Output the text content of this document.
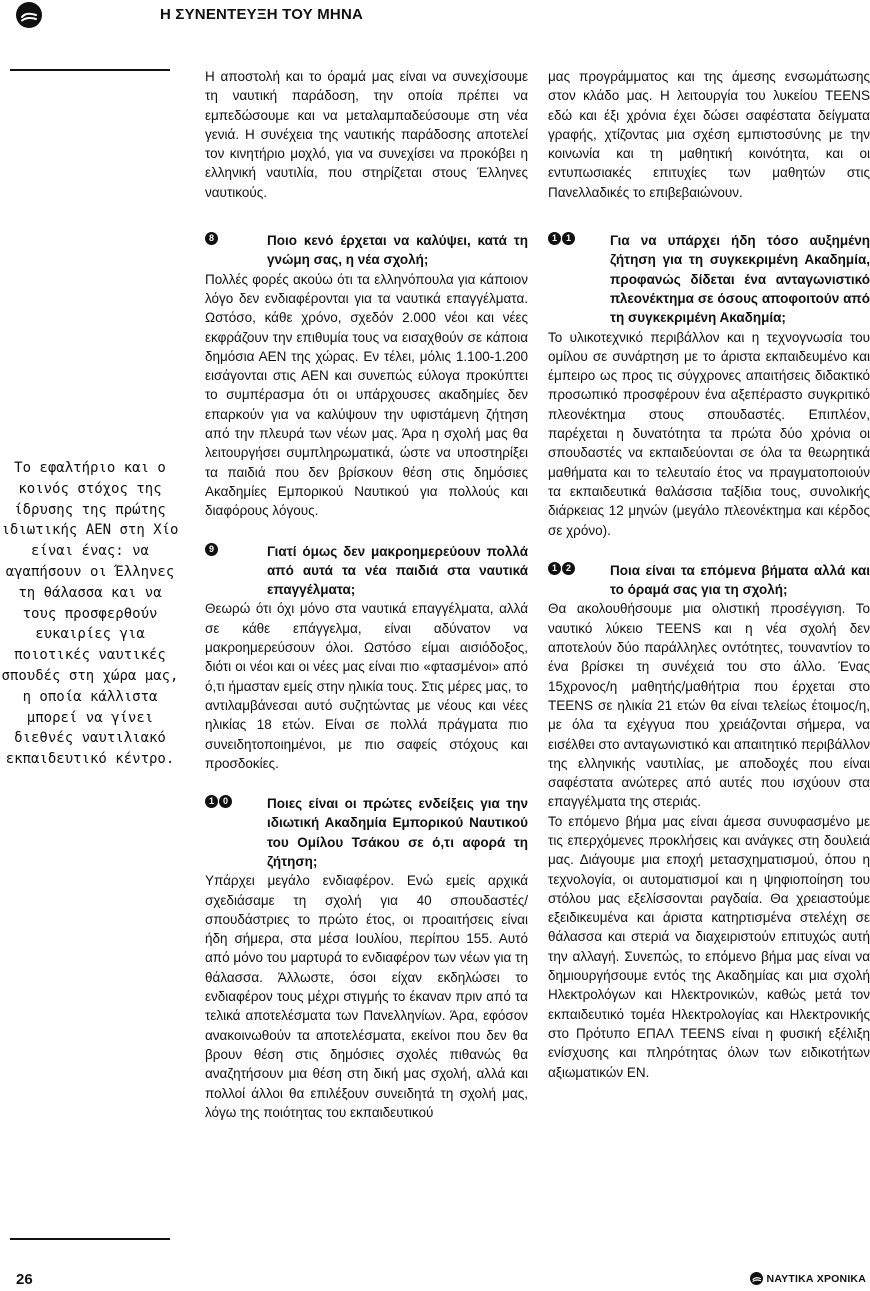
Η ΣΥΝΕΝΤΕΥΞΗ ΤΟΥ ΜΗΝΑ
Το εφαλτήριο και ο κοινός στόχος της ίδρυσης της πρώτης ιδιωτικής ΑΕΝ στη Χίο είναι ένας: να αγαπήσουν οι Έλληνες τη θάλασσα και να τους προσφερθούν ευκαιρίες για ποιοτικές ναυτικές σπουδές στη χώρα μας, η οποία κάλλιστα μπορεί να γίνει διεθνές ναυτιλιακό εκπαιδευτικό κέντρο.

Η αποστολή και το όραμά μας είναι να συνεχίσουμε τη ναυτική παράδοση, την οποία πρέπει να εμπεδώσουμε και να μεταλαμπαδεύσουμε στη νέα γενιά. Η συνέχεια της ναυτικής παράδοσης αποτελεί τον κινητήριο μοχλό, για να συνεχίσει να προκόβει η ελληνική ναυτιλία, που στηρίζεται στους Έλληνες ναυτικούς.

8	Ποιο κενό έρχεται να καλύψει, κατά τη γνώμη σας, η νέα σχολή;

Πολλές φορές ακούω ότι τα ελληνόπουλα για κάποιον λόγο δεν ενδιαφέρονται για τα ναυτικά επαγγέλματα. Ωστόσο, κάθε χρόνο, σχεδόν 2.000 νέοι και νέες εκφράζουν την επιθυμία τους να εισαχθούν σε κάποια δημόσια ΑΕΝ της χώρας. Εν τέλει, μόλις 1.100-1.200 εισάγονται στις ΑΕΝ και συνεπώς εύλογα προκύπτει το συμπέρασμα ότι οι υπάρχουσες ακαδημίες δεν επαρκούν για να καλύψουν την υφιστάμενη ζήτηση από την πλευρά των νέων μας. Άρα η σχολή μας θα λειτουργήσει συμπληρωματικά, ώστε να υποστηρίξει τα παιδιά που δεν βρίσκουν θέση στις δημόσιες Ακαδημίες Εμπορικού Ναυτικού για πολλούς και διαφόρους λόγους.

9	Γιατί όμως δεν μακροημερεύουν πολλά από αυτά τα νέα παιδιά στα ναυτικά επαγγέλματα;

Θεωρώ ότι όχι μόνο στα ναυτικά επαγγέλματα, αλλά σε κάθε επάγγελμα, είναι αδύνατον να μακροημερεύσουν όλοι. Ωστόσο είμαι αισιόδοξος, διότι οι νέοι και οι νέες μας είναι πιο «φτασμένοι» από ό,τι ήμασταν εμείς στην ηλικία τους. Στις μέρες μας, το αντιλαμβάνεσαι αυτό συζητώντας με νέους και νέες ηλικίας 18 ετών. Είναι σε πολλά πράγματα πιο συνειδητοποιημένοι, με πιο σαφείς στόχους και προσδοκίες.

1 0	Ποιες είναι οι πρώτες ενδείξεις για την ιδιωτική Ακαδημία Εμπορικού Ναυτικού του Ομίλου Τσάκου σε ό,τι αφορά τη ζήτηση;

Υπάρχει μεγάλο ενδιαφέρον. Ενώ εμείς αρχικά σχεδιάσαμε τη σχολή για 40 σπουδαστές/σπουδάστριες το πρώτο έτος, οι προαιτήσεις είναι ήδη σήμερα, στα μέσα Ιουλίου, περίπου 155. Αυτό από μόνο του μαρτυρά το ενδιαφέρον των νέων για τη θάλασσα. Άλλωστε, όσοι είχαν εκδηλώσει το ενδιαφέρον τους μέχρι στιγμής το έκαναν πριν από τα τελικά αποτελέσματα των Πανελληνίων. Άρα, εφόσον ανακοινωθούν τα αποτελέσματα, εκείνοι που δεν θα βρουν θέση στις δημόσιες σχολές πιθανώς θα αναζητήσουν μια θέση στη δική μας σχολή, αλλά και πολλοί άλλοι θα επιλέξουν συνειδητά τη σχολή μας, λόγω της ποιότητας του εκπαιδευτικού

μας προγράμματος και της άμεσης ενσωμάτωσης στον κλάδο μας. Η λειτουργία του λυκείου TEENS εδώ και έξι χρόνια έχει δώσει σαφέστατα δείγματα γραφής, χτίζοντας μια σχέση εμπιστοσύνης με την κοινωνία και τη μαθητική κοινότητα, και οι εντυπωσιακές επιτυχίες των μαθητών στις Πανελλαδικές το επιβεβαιώνουν.

1 1	Για να υπάρχει ήδη τόσο αυξημένη ζήτηση για τη συγκεκριμένη Ακαδημία, προφανώς δίδεται ένα ανταγωνιστικό πλεονέκτημα σε όσους αποφοιτούν από τη συγκεκριμένη Ακαδημία;

Το υλικοτεχνικό περιβάλλον και η τεχνογνωσία του ομίλου σε συνάρτηση με το άριστα εκπαιδευμένο και έμπειρο ως προς τις σύγχρονες απαιτήσεις διδακτικό προσωπικό προσφέρουν ένα αξεπέραστο συγκριτικό πλεονέκτημα στους σπουδαστές. Επιπλέον, παρέχεται η δυνατότητα τα πρώτα δύο χρόνια οι σπουδαστές να εκπαιδεύονται σε όλα τα θεωρητικά μαθήματα και το τελευταίο έτος να πραγματοποιούν τα εκπαιδευτικά θαλάσσια ταξίδια τους, συνολικής διάρκειας 12 μηνών (μεγάλο πλεονέκτημα και κέρδος σε χρόνο).

1 2	Ποια είναι τα επόμενα βήματα αλλά και το όραμά σας για τη σχολή;

Θα ακολουθήσουμε μια ολιστική προσέγγιση. Το ναυτικό λύκειο TEENS και η νέα σχολή δεν αποτελούν δύο παράλληλες οντότητες, τουναντίον το ένα βρίσκει τη συνέχειά του στο άλλο. Ένας 15χρονος/η μαθητής/μαθήτρια που έρχεται στο TEENS σε ηλικία 21 ετών θα είναι τελείως έτοιμος/η, με όλα τα εχέγγυα που χρειάζονται σήμερα, να εισέλθει στο ανταγωνιστικό και απαιτητικό περιβάλλον της ελληνικής ναυτιλίας, με αποδοχές που είναι σαφέστατα ανώτερες από αυτές που ισχύουν στα επαγγέλματα της στεριάς.

Το επόμενο βήμα μας είναι άμεσα συνυφασμένο με τις επερχόμενες προκλήσεις και ανάγκες στη δουλειά μας. Διάγουμε μια εποχή μετασχηματισμού, όπου η τεχνολογία, οι αυτοματισμοί και η ψηφιοποίηση του στόλου μας εξελίσσονται ραγδαία. Θα χρειαστούμε εξειδικευμένα και άριστα κατηρτισμένα στελέχη σε θάλασσα και στεριά να διαχειριστούν επιτυχώς αυτή την αλλαγή. Συνεπώς, το επόμενο βήμα μας είναι να δημιουργήσουμε εντός της Ακαδημίας και μια σχολή Ηλεκτρολόγων και Ηλεκτρονικών, καθώς μετά τον εκπαιδευτικό τομέα Ηλεκτρολογίας και Ηλεκτρονικής στο Πρότυπο ΕΠΑΛ TEENS είναι η φυσική εξέλιξη ενίσχυσης και πληρότητας όλων των ειδικοτήτων αξιωματικών ΕΝ.

26	ΝΑΥΤΙΚΑ ΧΡΟΝΙΚΑ
